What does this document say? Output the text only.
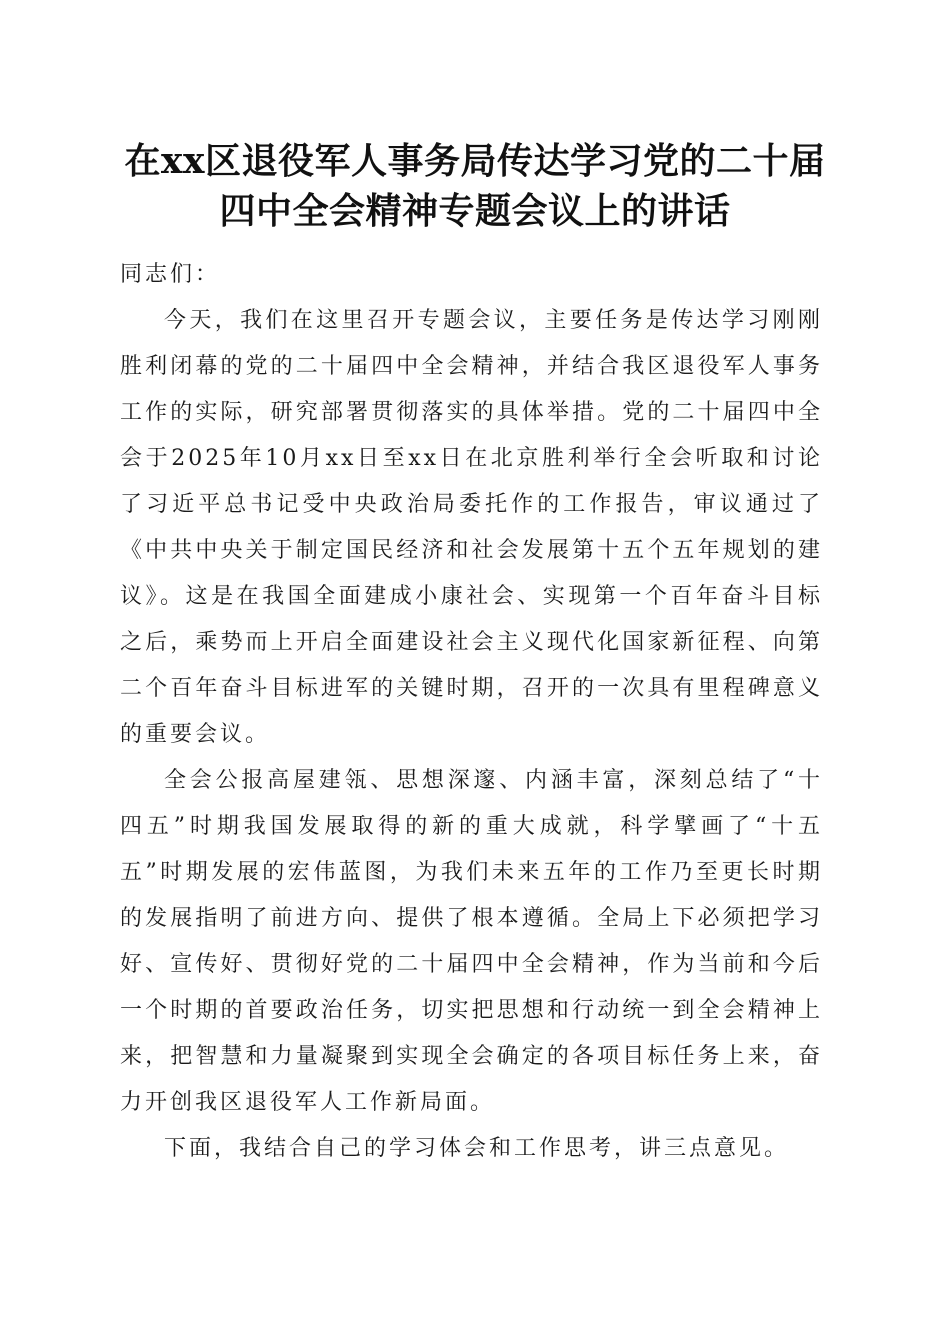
在xx区退役军人事务局传达学习党的二十届
四中全会精神专题会议上的讲话

同志们：

今天，我们在这里召开专题会议，主要任务是传达学习刚刚胜利闭幕的党的二十届四中全会精神，并结合我区退役军人事务工作的实际，研究部署贯彻落实的具体举措。党的二十届四中全会于2025年10月xx日至xx日在北京胜利举行全会听取和讨论了习近平总书记受中央政治局委托作的工作报告，审议通过了《中共中央关于制定国民经济和社会发展第十五个五年规划的建议》。这是在我国全面建成小康社会、实现第一个百年奋斗目标之后，乘势而上开启全面建设社会主义现代化国家新征程、向第二个百年奋斗目标进军的关键时期，召开的一次具有里程碑意义的重要会议。

全会公报高屋建瓴、思想深邃、内涵丰富，深刻总结了“十四五”时期我国发展取得的新的重大成就，科学擘画了“十五五”时期发展的宏伟蓝图，为我们未来五年的工作乃至更长时期的发展指明了前进方向、提供了根本遵循。全局上下必须把学习好、宣传好、贯彻好党的二十届四中全会精神，作为当前和今后一个时期的首要政治任务，切实把思想和行动统一到全会精神上来，把智慧和力量凝聚到实现全会确定的各项目标任务上来，奋力开创我区退役军人工作新局面。

下面，我结合自己的学习体会和工作思考，讲三点意见。
